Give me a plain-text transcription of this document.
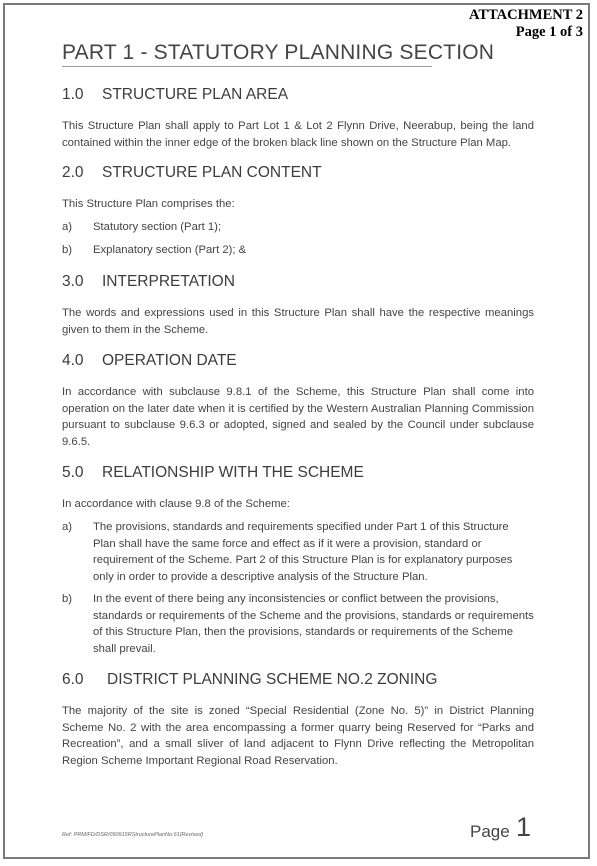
ATTACHMENT 2
Page 1 of 3
PART 1 - STATUTORY PLANNING SECTION
1.0 STRUCTURE PLAN AREA
This Structure Plan shall apply to Part Lot 1 & Lot 2 Flynn Drive, Neerabup, being the land contained within the inner edge of the broken black line shown on the Structure Plan Map.
2.0 STRUCTURE PLAN CONTENT
This Structure Plan comprises the:
a) Statutory section (Part 1);
b) Explanatory section (Part 2); &
3.0 INTERPRETATION
The words and expressions used in this Structure Plan shall have the respective meanings given to them in the Scheme.
4.0 OPERATION DATE
In accordance with subclause 9.8.1 of the Scheme, this Structure Plan shall come into operation on the later date when it is certified by the Western Australian Planning Commission pursuant to subclause 9.6.3 or adopted, signed and sealed by the Council under subclause 9.6.5.
5.0 RELATIONSHIP WITH THE SCHEME
In accordance with clause 9.8 of the Scheme:
a) The provisions, standards and requirements specified under Part 1 of this Structure Plan shall have the same force and effect as if it were a provision, standard or requirement of the Scheme. Part 2 of this Structure Plan is for explanatory purposes only in order to provide a descriptive analysis of the Structure Plan.
b) In the event of there being any inconsistencies or conflict between the provisions, standards or requirements of the Scheme and the provisions, standards or requirements of this Structure Plan, then the provisions, standards or requirements of the Scheme shall prevail.
6.0 DISTRICT PLANNING SCHEME NO.2 ZONING
The majority of the site is zoned “Special Residential (Zone No. 5)” in District Planning Scheme No. 2 with the area encompassing a former quarry being Reserved for “Parks and Recreation”, and a small sliver of land adjacent to Flynn Drive reflecting the Metropolitan Region Scheme Important Regional Road Reservation.
Ref: PRM/FD/DSR/090915RStructurePlanNo.61(Revised)	Page 1
